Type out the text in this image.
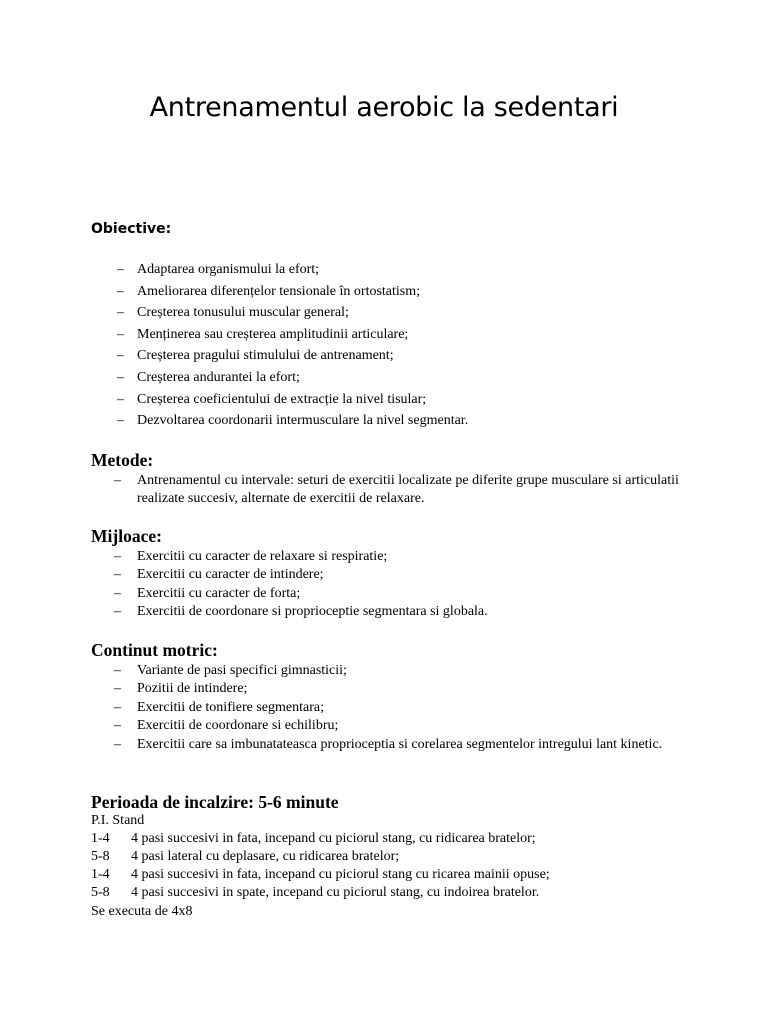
Antrenamentul aerobic la sedentari
Obiective:
– Adaptarea organismului la efort;
– Ameliorarea diferențelor tensionale în ortostatism;
– Creșterea tonusului muscular general;
– Menținerea sau creșterea amplitudinii articulare;
– Creșterea pragului stimulului de antrenament;
– Creșterea andurantei la efort;
– Creșterea coeficientului de extracție la nivel tisular;
– Dezvoltarea coordonarii intermusculare la nivel segmentar.
Metode:
– Antrenamentul cu intervale: seturi de exercitii localizate pe diferite grupe musculare si articulatii realizate succesiv, alternate de exercitii de relaxare.
Mijloace:
– Exercitii cu caracter de relaxare si respiratie;
– Exercitii cu caracter de intindere;
– Exercitii cu caracter de forta;
– Exercitii de coordonare si proprioceptie segmentara si globala.
Continut motric:
– Variante de pasi specifici gimnasticii;
– Pozitii de intindere;
– Exercitii de tonifiere segmentara;
– Exercitii de coordonare si echilibru;
– Exercitii care sa imbunatateasca proprioceptia si corelarea segmentelor intregului lant kinetic.
Perioada de incalzire: 5-6 minute

P.I. Stand

1-4 4 pasi succesivi in fata, incepand cu piciorul stang, cu ridicarea bratelor;
5-8 4 pasi lateral cu deplasare, cu ridicarea bratelor;
1-4 4 pasi succesivi in fata, incepand cu piciorul stang cu ricarea mainii opuse;
5-8 4 pasi succesivi in spate, incepand cu piciorul stang, cu indoirea bratelor.

Se executa de 4x8
